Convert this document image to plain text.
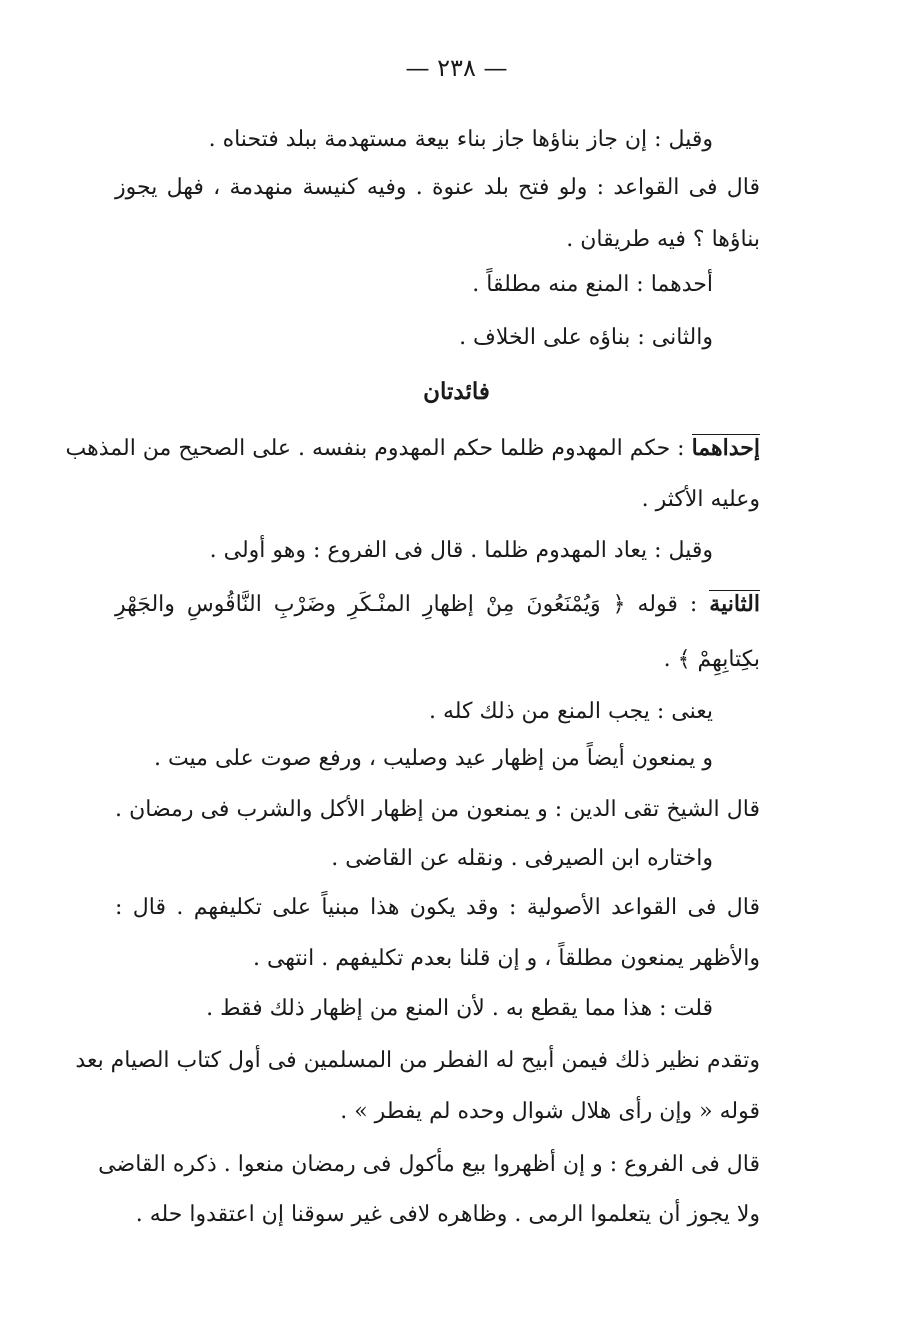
— ٢٣٨ —
وقيل : إن جاز بناؤها جاز بناء بيعة مستهدمة ببلد فتحناه .
قال فى القواعد : ولو فتح بلد عنوة . وفيه كنيسة منهدمة ، فهل يجوز
بناؤها ؟ فيه طريقان .
أحدهما : المنع منه مطلقاً .
والثانى : بناؤه على الخلاف .
فائدتان
إحداهما : حكم المهدوم ظلما حكم المهدوم بنفسه . على الصحيح من المذهب
وعليه الأكثر .
وقيل : يعاد المهدوم ظلما . قال فى الفروع : وهو أولى .
الثانية : قوله ﴿ وَيُمْنَعُونَ مِنْ إظهارِ المنْـكَرِ وضَرْبِ النَّاقُوسِ والجَهْرِ
بكِتابِهِمْ ﴾ .
يعنى : يجب المنع من ذلك كله .
و يمنعون أيضاً من إظهار عيد وصليب ، ورفع صوت على ميت .
قال الشيخ تقى الدين : و يمنعون من إظهار الأكل والشرب فى رمضان .
واختاره ابن الصيرفى . ونقله عن القاضى .
قال فى القواعد الأصولية : وقد يكون هذا مبنياً على تكليفهم . قال :
والأظهر يمنعون مطلقاً ، و إن قلنا بعدم تكليفهم . انتهى .
قلت : هذا مما يقطع به . لأن المنع من إظهار ذلك فقط .
وتقدم نظير ذلك فيمن أبيح له الفطر من المسلمين فى أول كتاب الصيام بعد
قوله « وإن رأى هلال شوال وحده لم يفطر » .
قال فى الفروع : و إن أظهروا بيع مأكول فى رمضان منعوا . ذكره القاضى
ولا يجوز أن يتعلموا الرمى . وظاهره لافى غير سوقنا إن اعتقدوا حله .
